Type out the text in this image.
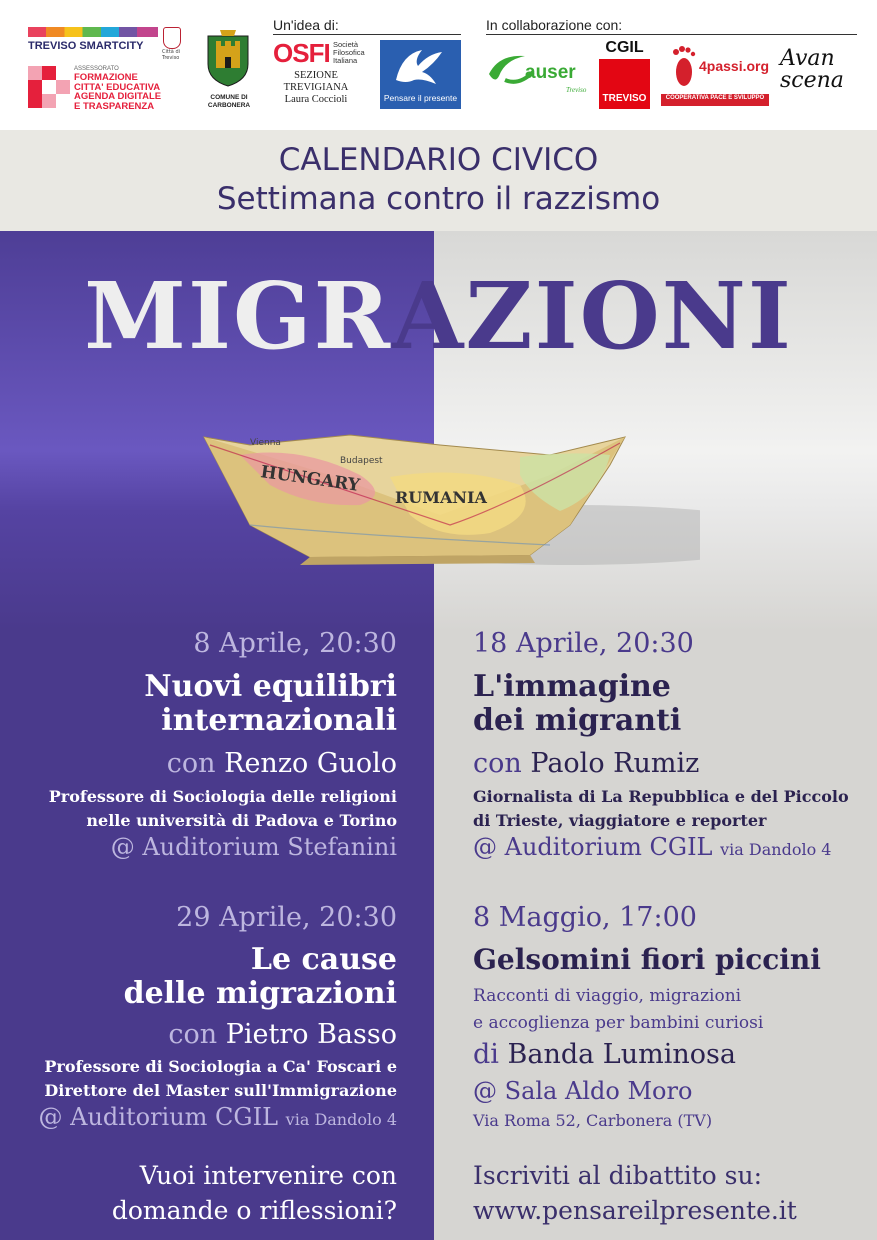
TREVISO SMARTCITY	Città di Treviso
ASSESSORATO
FORMAZIONE
CITTA' EDUCATIVA
AGENDA DIGITALE
E TRASPARENZA
COMUNE DI CARBONERA
Un'idea di:
OSFI Società
Filosofica
Italiana
SEZIONE
TREVIGIANA
Laura Coccioli	Pensare il presente
In collaborazione con:
auser
Treviso
CGIL
TREVISO
4passi.org
COOPERATIVA PACE E SVILUPPO
Avan scena
CALENDARIO CIVICO
Settimana contro il razzismo
MIGRAZIONI
HUNGARY
RUMANIA
Budapest
Vienna
8 Aprile, 20:30
Nuovi equilibri
internazionali
con Renzo Guolo
Professore di Sociologia delle religioni
nelle università di Padova e Torino
@ Auditorium Stefanini
29 Aprile, 20:30
Le cause
delle migrazioni
con Pietro Basso
Professore di Sociologia a Ca' Foscari e
Direttore del Master sull'Immigrazione
@ Auditorium CGIL via Dandolo 4
Vuoi intervenire con
domande o riflessioni?
18 Aprile, 20:30
L'immagine
dei migranti
con Paolo Rumiz
Giornalista di La Repubblica e del Piccolo
di Trieste, viaggiatore e reporter
@ Auditorium CGIL via Dandolo 4
8 Maggio, 17:00
Gelsomini fiori piccini
Racconti di viaggio, migrazioni
e accoglienza per bambini curiosi
di Banda Luminosa
@ Sala Aldo Moro
Via Roma 52, Carbonera (TV)
Iscriviti al dibattito su:
www.pensareilpresente.it
